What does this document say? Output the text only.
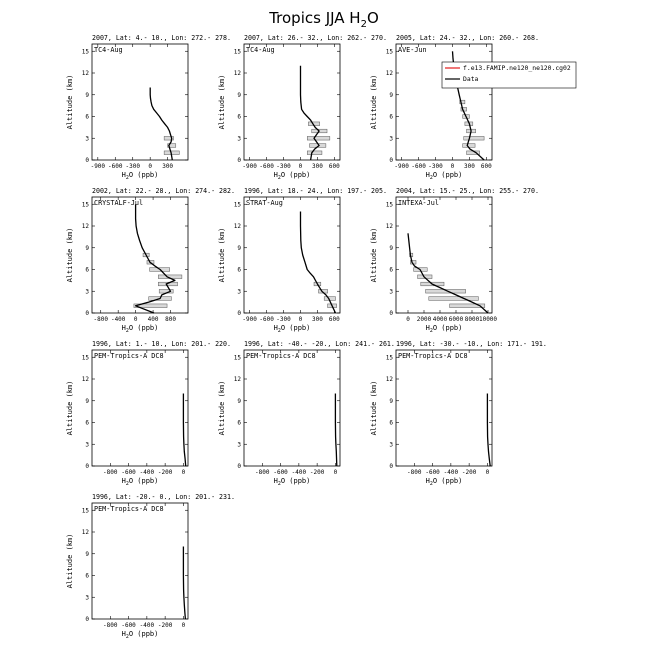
Tropics JJA $H_2O$
2007, Lat: 4.- 10., Lon: 272.- 278.
TC4-Aug
0
3
6
9
12
15
-900 -600 -300 0 300
Altitude (km)
$H_2O$ (ppb)
2007, Lat: 26.- 32., Lon: 262.- 270.
TC4-Aug
0
3
6
9
12
15
-900 -600 -300 0 300 600
Altitude (km)
$H_2O$ (ppb)
2005, Lat: 24.- 32., Lon: 260.- 268.
AVE-Jun
0
3
6
9
12
15
-900 -600 -300 0 300 600
Altitude (km)
$H_2O$ (ppb)
f.e13.FAMIP.ne120_ne120.cg02
Data
2002, Lat: 22.- 28., Lon: 274.- 282.
CRYSTALF-Jul
0
3
6
9
12
15
-800 -400 0 400 800
Altitude (km)
$H_2O$ (ppb)
1996, Lat: 18.- 24., Lon: 197.- 205.
STRAT-Aug
0
3
6
9
12
15
-900 -600 -300 0 300 600
Altitude (km)
$H_2O$ (ppb)
2004, Lat: 15.- 25., Lon: 255.- 270.
INTEXA-Jul
0
3
6
9
12
15
0 2000 4000 6000 8000 10000
Altitude (km)
$H_2O$ (ppb)
1996, Lat: 1.- 10., Lon: 201.- 220.
PEM-Tropics-A DC8
0
3
6
9
12
15
-800 -600 -400 -200 0
Altitude (km)
$H_2O$ (ppb)
1996, Lat: -40.- -20., Lon: 241.- 261.
PEM-Tropics-A DC8
0
3
6
9
12
15
-800 -600 -400 -200 0
Altitude (km)
$H_2O$ (ppb)
1996, Lat: -30.- -10., Lon: 171.- 191.
PEM-Tropics-A DC8
0
3
6
9
12
15
-800 -600 -400 -200 0
Altitude (km)
$H_2O$ (ppb)
1996, Lat: -20.- 0., Lon: 201.- 231.
PEM-Tropics-A DC8
0
3
6
9
12
15
-800 -600 -400 -200 0
Altitude (km)
$H_2O$ (ppb)
